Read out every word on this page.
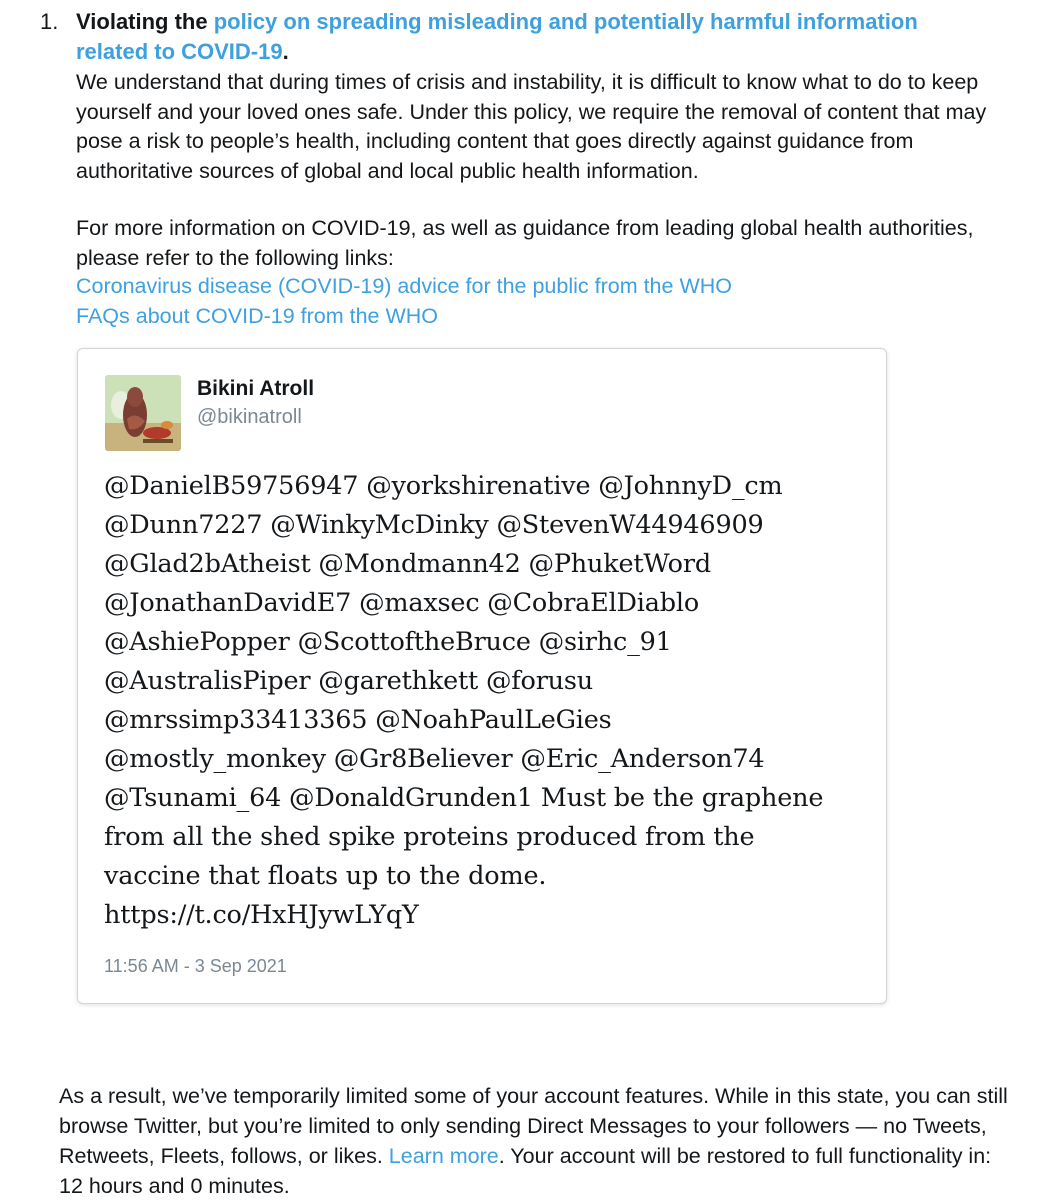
1. Violating the policy on spreading misleading and potentially harmful information related to COVID-19.
We understand that during times of crisis and instability, it is difficult to know what to do to keep yourself and your loved ones safe. Under this policy, we require the removal of content that may pose a risk to people’s health, including content that goes directly against guidance from authoritative sources of global and local public health information.
For more information on COVID-19, as well as guidance from leading global health authorities, please refer to the following links:
Coronavirus disease (COVID-19) advice for the public from the WHO
FAQs about COVID-19 from the WHO
Bikini Atroll
@bikinatroll
@DanielB59756947 @yorkshirenative @JohnnyD_cm
@Dunn7227 @WinkyMcDinky @StevenW44946909
@Glad2bAtheist @Mondmann42 @PhuketWord
@JonathanDavidE7 @maxsec @CobraElDiablo
@AshiePopper @ScottoftheBruce @sirhc_91
@AustralisPiper @garethkett @forusu
@mrssimp33413365 @NoahPaulLeGies
@mostly_monkey @Gr8Believer @Eric_Anderson74
@Tsunami_64 @DonaldGrunden1 Must be the graphene
from all the shed spike proteins produced from the
vaccine that floats up to the dome.
https://t.co/HxHJywLYqY
11:56 AM - 3 Sep 2021
As a result, we’ve temporarily limited some of your account features. While in this state, you can still browse Twitter, but you’re limited to only sending Direct Messages to your followers — no Tweets, Retweets, Fleets, follows, or likes. Learn more. Your account will be restored to full functionality in: 12 hours and 0 minutes.
